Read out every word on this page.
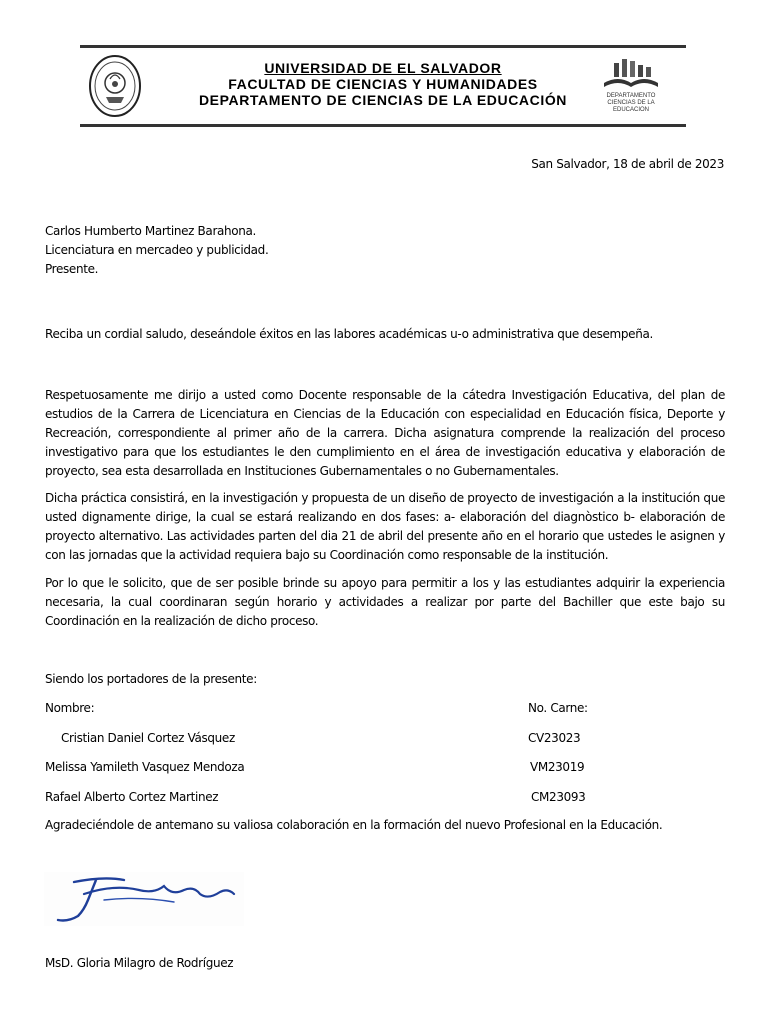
UNIVERSIDAD DE EL SALVADOR
FACULTAD DE CIENCIAS Y HUMANIDADES
DEPARTAMENTO DE CIENCIAS DE LA EDUCACIÓN	DEPARTAMENTO CIENCIAS DE LA EDUCACION
San Salvador, 18 de abril de 2023
Carlos Humberto Martinez Barahona.
Licenciatura en mercadeo y publicidad.
Presente.
Reciba un cordial saludo, deseándole éxitos en las labores académicas u-o administrativa que desempeña.
Respetuosamente me dirijo a usted como Docente responsable de la cátedra Investigación Educativa, del plan de estudios de la Carrera de Licenciatura en Ciencias de la Educación con especialidad en Educación física, Deporte y Recreación, correspondiente al primer año de la carrera. Dicha asignatura comprende la realización del proceso investigativo para que los estudiantes le den cumplimiento en el área de investigación educativa y elaboración de proyecto, sea esta desarrollada en Instituciones Gubernamentales o no Gubernamentales.
Dicha práctica consistirá, en la investigación y propuesta de un diseño de proyecto de investigación a la institución que usted dignamente dirige, la cual se estará realizando en dos fases: a- elaboración del diagnòstico b- elaboración de proyecto alternativo. Las actividades parten del dia 21 de abril del presente año en el horario que ustedes le asignen y con las jornadas que la actividad requiera bajo su Coordinación como responsable de la institución.
Por lo que le solicito, que de ser posible brinde su apoyo para permitir a los y las estudiantes adquirir la experiencia necesaria, la cual coordinaran según horario y actividades a realizar por parte del Bachiller que este bajo su Coordinación en la realización de dicho proceso.
Siendo los portadores de la presente:
Nombre:	No. Carne:
Cristian Daniel Cortez Vásquez	CV23023
Melissa Yamileth Vasquez Mendoza	VM23019
Rafael Alberto Cortez Martinez	CM23093
Agradeciéndole de antemano su valiosa colaboración en la formación del nuevo Profesional en la Educación.
MsD. Gloria Milagro de Rodríguez
